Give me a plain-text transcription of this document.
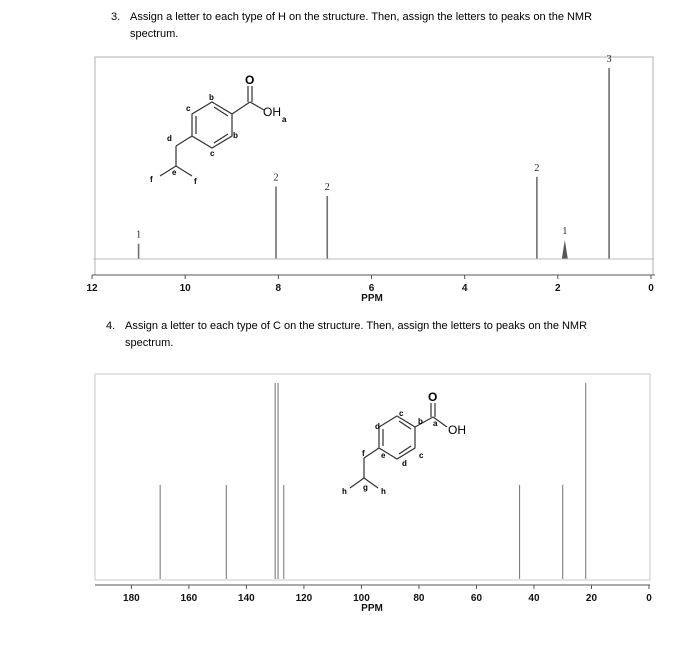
3. Assign a letter to each type of H on the structure. Then, assign the letters to peaks on the NMR
spectrum.
4. Assign a letter to each type of C on the structure. Then, assign the letters to peaks on the NMR
spectrum.
12	10	8	6	4	2	0
PPM
1
2
2
2
1
3
O
OH
a
b
b
c
c
d
e
f	f
180	160	140	120	100	80	60	40	20	0
PPM
O
OH
a
b
c
c
d
d
e
f
g
h	h
